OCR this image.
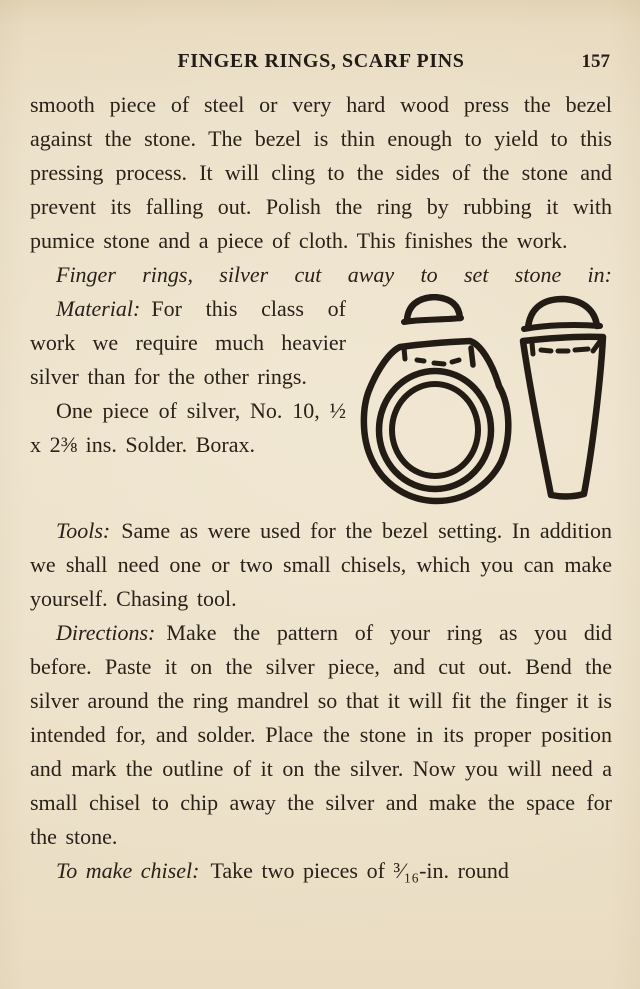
FINGER RINGS, SCARF PINS	157

smooth piece of steel or very hard wood press the bezel against the stone. The bezel is thin enough to yield to this pressing process. It will cling to the sides of the stone and prevent its falling out. Polish the ring by rubbing it with pumice stone and a piece of cloth. This finishes the work.

Finger rings, silver cut away to set stone in:

Material: For this class of work we require much heavier silver than for the other rings.

One piece of silver, No. 10, ½ x 2⅜ ins. Solder. Borax.

Tools: Same as were used for the bezel setting. In addition we shall need one or two small chisels, which you can make yourself. Chasing tool.

Directions: Make the pattern of your ring as you did before. Paste it on the silver piece, and cut out. Bend the silver around the ring mandrel so that it will fit the finger it is intended for, and solder. Place the stone in its proper position and mark the outline of it on the silver. Now you will need a small chisel to chip away the silver and make the space for the stone.

To make chisel: Take two pieces of ³⁄₁₆-in. round
